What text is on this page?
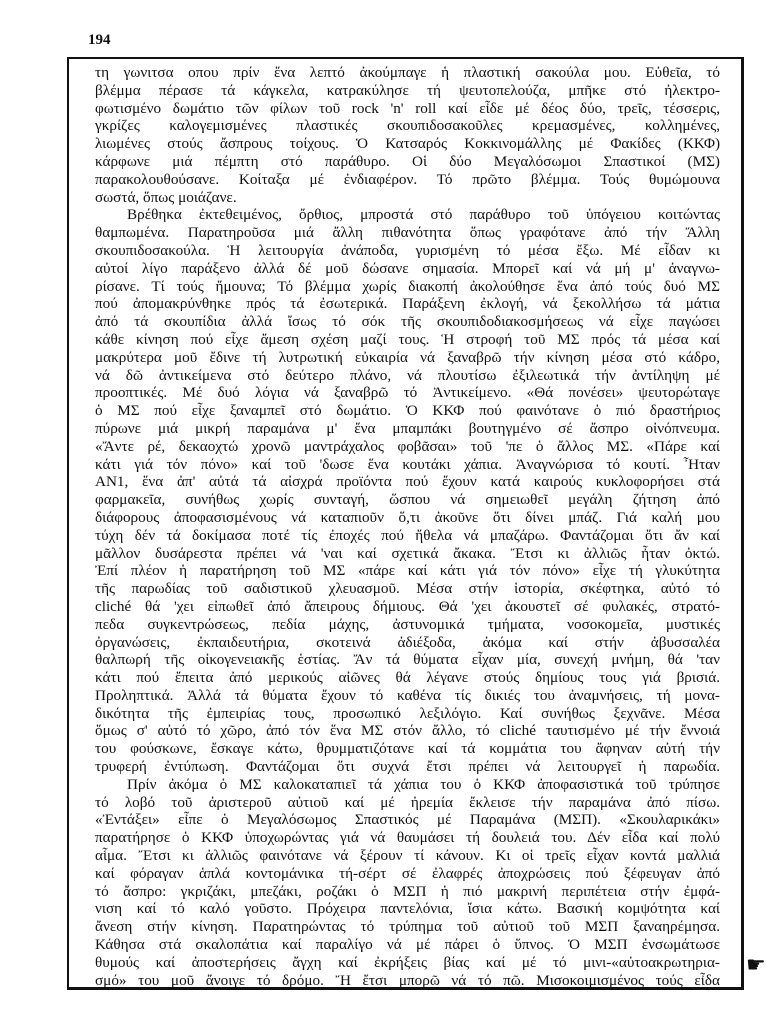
194
τη γωνιτσα οπου πρίν ἕνα λεπτό ἀκούμπαγε ἡ πλαστική σακούλα μου. Εὐθεῖα, τό
βλέμμα πέρασε τά κάγκελα, κατρακύλησε τή ψευτοπελούζα, μπῆκε στό ἠλεκτρο-
φωτισμένο δωμάτιο τῶν φίλων τοῦ rock 'n' roll καί εἶδε μέ δέος δύο, τρεῖς, τέσσερις,
γκρίζες καλογεμισμένες πλαστικές σκουπιδοσακοῦλες κρεμασμένες, κολλημένες,
λιωμένες στούς ἄσπρους τοίχους. Ὁ Κατσαρός Κοκκινομάλλης μέ Φακίδες (ΚΚΦ)
κάρφωνε μιά πέμπτη στό παράθυρο. Οἱ δύο Μεγαλόσωμοι Σπαστικοί (ΜΣ)
παρακολουθούσανε. Κοίταξα μέ ἐνδιαφέρον. Τό πρῶτο βλέμμα. Τούς θυμώμουνα
σωστά, ὅπως μοιάζανε.
Βρέθηκα ἐκτεθειμένος, ὄρθιος, μπροστά στό παράθυρο τοῦ ὑπόγειου κοιτώντας
θαμπωμένα. Παρατηροῦσα μιά ἄλλη πιθανότητα ὅπως γραφότανε ἀπό τήν Ἄλλη
σκουπιδοσακούλα. Ἡ λειτουργία ἀνάποδα, γυρισμένη τό μέσα ἔξω. Μέ εἶδαν κι
αὐτοί λίγο παράξενο ἀλλά δέ μοῦ δώσανε σημασία. Μπορεῖ καί νά μή μ' ἀναγνω-
ρίσανε. Τί τούς ἤμουνα; Τό βλέμμα χωρίς διακοπή ἀκολούθησε ἕνα ἀπό τούς δυό ΜΣ
πού ἀπομακρύνθηκε πρός τά ἐσωτερικά. Παράξενη ἐκλογή, νά ξεκολλήσω τά μάτια
ἀπό τά σκουπίδια ἀλλά ἴσως τό σόκ τῆς σκουπιδοδιακοσμήσεως νά εἶχε παγώσει
κάθε κίνηση πού εἶχε ἄμεση σχέση μαζί τους. Ἡ στροφή τοῦ ΜΣ πρός τά μέσα καί
μακρύτερα μοῦ ἔδινε τή λυτρωτική εὐκαιρία νά ξαναβρῶ τήν κίνηση μέσα στό κάδρο,
νά δῶ ἀντικείμενα στό δεύτερο πλάνο, νά πλουτίσω ἐξιλεωτικά τήν ἀντίληψη μέ
προοπτικές. Μέ δυό λόγια νά ξαναβρῶ τό Ἀντικείμενο. «Θά πονέσει» ψευτορώταγε
ὁ ΜΣ πού εἶχε ξαναμπεῖ στό δωμάτιο. Ὁ ΚΚΦ πού φαινότανε ὁ πιό δραστήριος
πύρωνε μιά μικρή παραμάνα μ' ἕνα μπαμπάκι βουτηγμένο σέ ἄσπρο οἰνόπνευμα.
«Ἄντε ρέ, δεκαοχτώ χρονῶ μαντράχαλος φοβᾶσαι» τοῦ 'πε ὁ ἄλλος ΜΣ. «Πάρε καί
κάτι γιά τόν πόνο» καί τοῦ 'δωσε ἕνα κουτάκι χάπια. Ἀναγνώρισα τό κουτί. Ἦταν
ΑΝ1, ἕνα ἀπ' αὐτά τά αἰσχρά προϊόντα πού ἔχουν κατά καιρούς κυκλοφορήσει στά
φαρμακεῖα, συνήθως χωρίς συνταγή, ὥσπου νά σημειωθεῖ μεγάλη ζήτηση ἀπό
διάφορους ἀποφασισμένους νά καταπιοῦν ὅ,τι ἀκοῦνε ὅτι δίνει μπάζ. Γιά καλή μου
τύχη δέν τά δοκίμασα ποτέ τίς ἐποχές πού ἤθελα νά μπαζάρω. Φαντάζομαι ὅτι ἄν καί
μᾶλλον δυσάρεστα πρέπει νά 'ναι καί σχετικά ἄκακα. Ἔτσι κι ἀλλιῶς ἦταν ὀκτώ.
Ἐπί πλέον ἡ παρατήρηση τοῦ ΜΣ «πάρε καί κάτι γιά τόν πόνο» εἶχε τή γλυκύτητα
τῆς παρωδίας τοῦ σαδιστικοῦ χλευασμοῦ. Μέσα στήν ἱστορία, σκέφτηκα, αὐτό τό
cliché θά 'χει εἰπωθεῖ ἀπό ἄπειρους δήμιους. Θά 'χει ἀκουστεῖ σέ φυλακές, στρατό-
πεδα συγκεντρώσεως, πεδία μάχης, ἀστυνομικά τμήματα, νοσοκομεῖα, μυστικές
ὀργανώσεις, ἐκπαιδευτήρια, σκοτεινά ἀδιέξοδα, ἀκόμα καί στήν ἀβυσσαλέα
θαλπωρή τῆς οἰκογενειακῆς ἑστίας. Ἄν τά θύματα εἶχαν μία, συνεχή μνήμη, θά 'ταν
κάτι πού ἔπειτα ἀπό μερικούς αἰῶνες θά λέγανε στούς δημίους τους γιά βρισιά.
Προληπτικά. Ἀλλά τά θύματα ἔχουν τό καθένα τίς δικιές του ἀναμνήσεις, τή μονα-
δικότητα τῆς ἐμπειρίας τους, προσωπικό λεξιλόγιο. Καί συνήθως ξεχνᾶνε. Μέσα
ὅμως σ' αὐτό τό χῶρο, ἀπό τόν ἕνα ΜΣ στόν ἄλλο, τό cliché ταυτισμένο μέ τήν ἔννοιά
του φούσκωνε, ἔσκαγε κάτω, θρυμματιζότανε καί τά κομμάτια του ἄφηναν αὐτή τήν
τρυφερή ἐντύπωση. Φαντάζομαι ὅτι συχνά ἔτσι πρέπει νά λειτουργεῖ ἡ παρωδία.
Πρίν ἀκόμα ὁ ΜΣ καλοκαταπιεῖ τά χάπια του ὁ ΚΚΦ ἀποφασιστικά τοῦ τρύπησε
τό λοβό τοῦ ἀριστεροῦ αὐτιοῦ καί μέ ἠρεμία ἔκλεισε τήν παραμάνα ἀπό πίσω.
«Ἐντάξει» εἶπε ὁ Μεγαλόσωμος Σπαστικός μέ Παραμάνα (ΜΣΠ). «Σκουλαρικάκι»
παρατήρησε ὁ ΚΚΦ ὑποχωρώντας γιά νά θαυμάσει τή δουλειά του. Δέν εἶδα καί πολύ
αἷμα. Ἔτσι κι ἀλλιῶς φαινότανε νά ξέρουν τί κάνουν. Κι οἱ τρεῖς εἶχαν κοντά μαλλιά
καί φόραγαν ἁπλά κοντομάνικα τή-σέρτ σέ ἐλαφρές ἀποχρώσεις πού ξέφευγαν ἀπό
τό ἄσπρο: γκριζάκι, μπεζάκι, ροζάκι ὁ ΜΣΠ ἡ πιό μακρινή περιπέτεια στήν ἐμφά-
νιση καί τό καλό γοῦστο. Πρόχειρα παντελόνια, ἴσια κάτω. Βασική κομψότητα καί
ἄνεση στήν κίνηση. Παρατηρώντας τό τρύπημα τοῦ αὐτιοῦ τοῦ ΜΣΠ ξαναηρέμησα.
Κάθησα στά σκαλοπάτια καί παραλίγο νά μέ πάρει ὁ ὕπνος. Ὁ ΜΣΠ ἐνσωμάτωσε
θυμούς καί ἀποστερήσεις ἄγχη καί ἐκρήξεις βίας καί μέ τό μινι-«αὐτοακρωτηρια-
σμό» του μοῦ ἄνοιγε τό δρόμο. Ἤ ἔτσι μπορῶ νά τό πῶ. Μισοκοιμισμένος τούς εἶδα
☛
